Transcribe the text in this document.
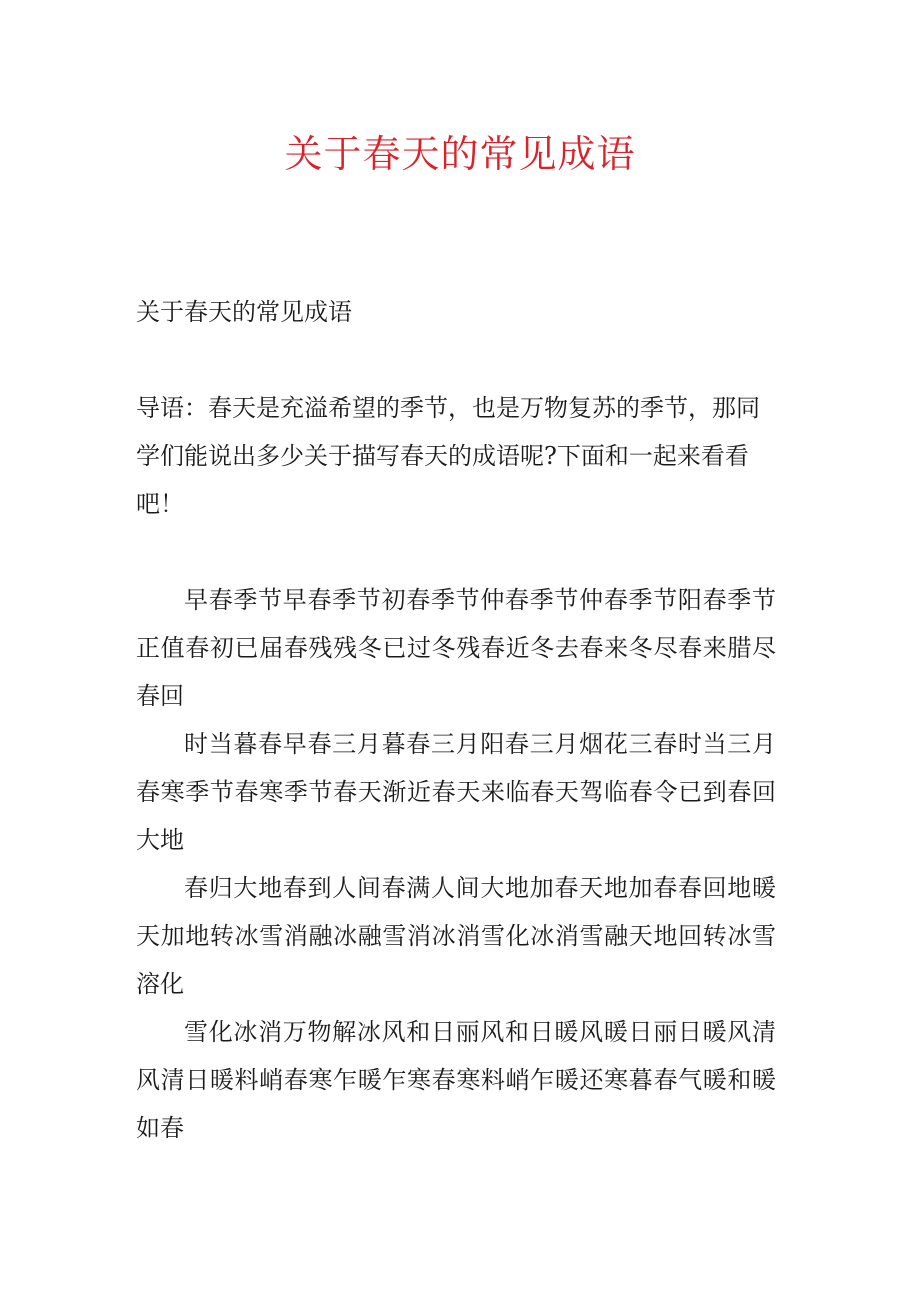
关于春天的常见成语

关于春天的常见成语

导语：春天是充溢希望的季节，也是万物复苏的季节，那同学们能说出多少关于描写春天的成语呢?下面和一起来看看吧！

早春季节早春季节初春季节仲春季节仲春季节阳春季节正值春初已届春残残冬已过冬残春近冬去春来冬尽春来腊尽春回

时当暮春早春三月暮春三月阳春三月烟花三春时当三月春寒季节春寒季节春天渐近春天来临春天驾临春令已到春回大地

春归大地春到人间春满人间大地加春天地加春春回地暖天加地转冰雪消融冰融雪消冰消雪化冰消雪融天地回转冰雪溶化

雪化冰消万物解冰风和日丽风和日暖风暖日丽日暖风清风清日暖料峭春寒乍暖乍寒春寒料峭乍暖还寒暮春气暖和暖如春
